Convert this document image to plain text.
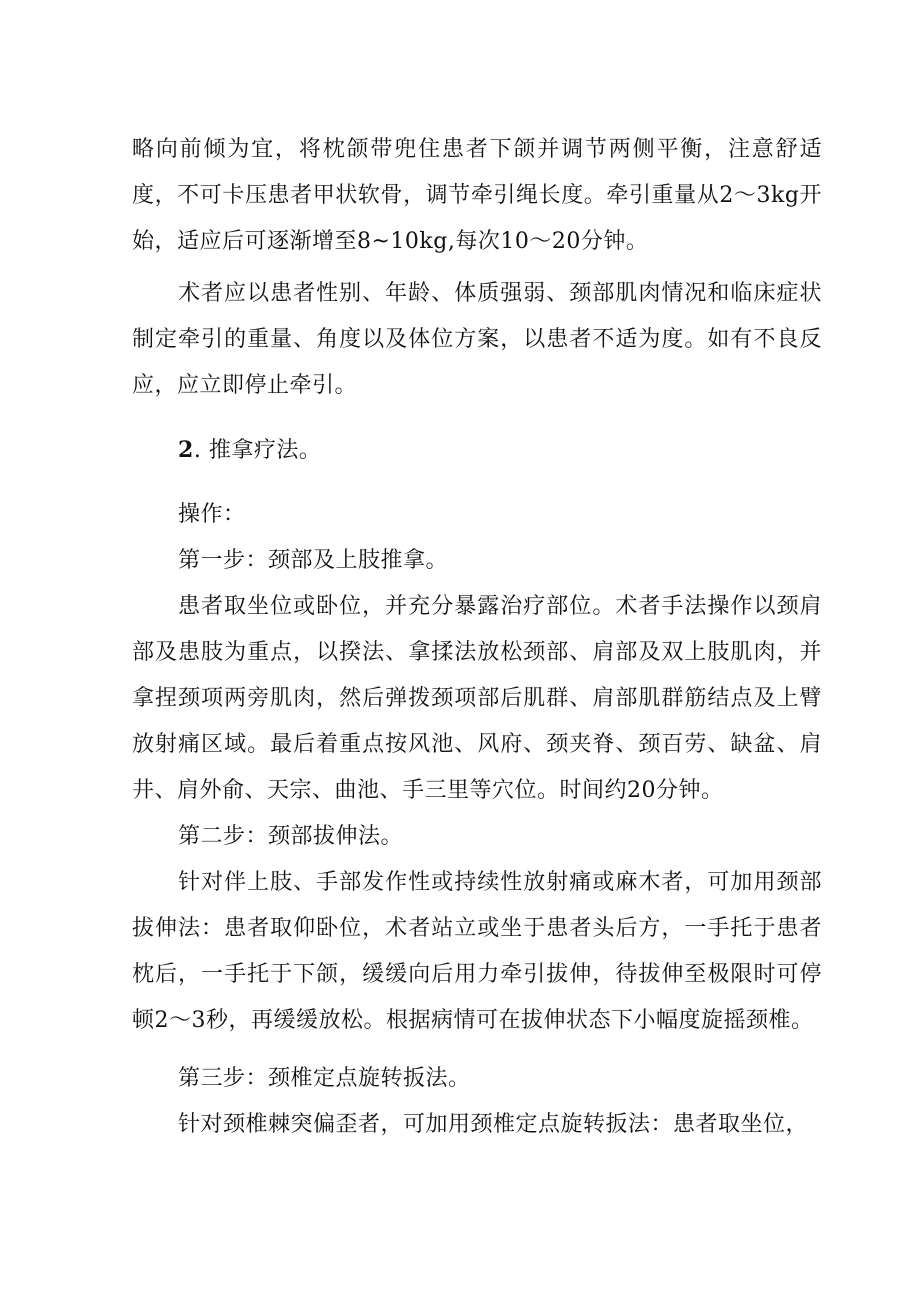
略向前倾为宜，将枕颌带兜住患者下颌并调节两侧平衡，注意舒适度，不可卡压患者甲状软骨，调节牵引绳长度。牵引重量从2～3kg开始，适应后可逐渐增至8~10kg,每次10～20分钟。

术者应以患者性别、年龄、体质强弱、颈部肌肉情况和临床症状制定牵引的重量、角度以及体位方案，以患者不适为度。如有不良反应，应立即停止牵引。

2. 推拿疗法。

操作：

第一步：颈部及上肢推拿。

患者取坐位或卧位，并充分暴露治疗部位。术者手法操作以颈肩部及患肢为重点，以揆法、拿揉法放松颈部、肩部及双上肢肌肉，并拿捏颈项两旁肌肉，然后弹拨颈项部后肌群、肩部肌群筋结点及上臂放射痛区域。最后着重点按风池、风府、颈夹脊、颈百劳、缺盆、肩井、肩外俞、天宗、曲池、手三里等穴位。时间约20分钟。

第二步：颈部拔伸法。

针对伴上肢、手部发作性或持续性放射痛或麻木者，可加用颈部拔伸法：患者取仰卧位，术者站立或坐于患者头后方，一手托于患者枕后，一手托于下颌，缓缓向后用力牵引拔伸，待拔伸至极限时可停顿2～3秒，再缓缓放松。根据病情可在拔伸状态下小幅度旋摇颈椎。

第三步：颈椎定点旋转扳法。

针对颈椎棘突偏歪者，可加用颈椎定点旋转扳法：患者取坐位，
